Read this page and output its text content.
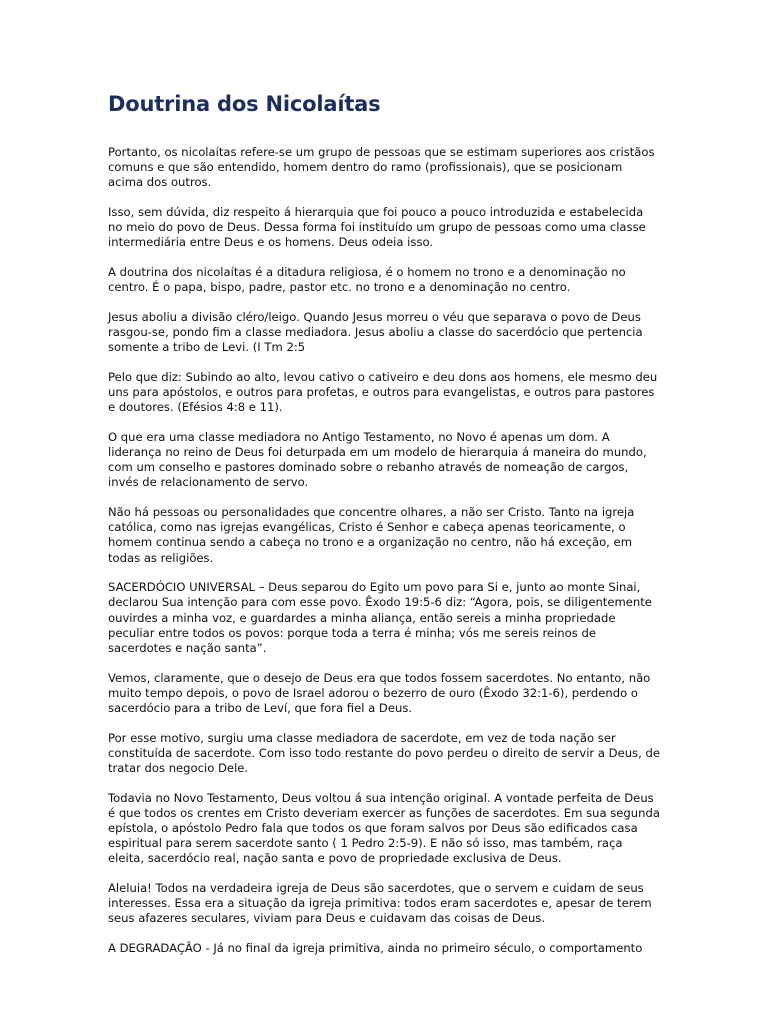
Doutrina dos Nicolaítas

Portanto, os nicolaítas refere-se um grupo de pessoas que se estimam superiores aos cristãos comuns e que são entendido, homem dentro do ramo (profissionais), que se posicionam acima dos outros.

Isso, sem dúvida, diz respeito á hierarquia que foi pouco a pouco introduzida e estabelecida no meio do povo de Deus. Dessa forma foi instituído um grupo de pessoas como uma classe intermediária entre Deus e os homens. Deus odeia isso.

A doutrina dos nicolaítas é a ditadura religiosa, é o homem no trono e a denominação no centro. É o papa, bispo, padre, pastor etc. no trono e a denominação no centro.

Jesus aboliu a divisão cléro/leigo. Quando Jesus morreu o véu que separava o povo de Deus rasgou-se, pondo fim a classe mediadora. Jesus aboliu a classe do sacerdócio que pertencia somente a tribo de Levi. (I Tm 2:5

Pelo que diz: Subindo ao alto, levou cativo o cativeiro e deu dons aos homens, ele mesmo deu uns para apóstolos, e outros para profetas, e outros para evangelistas, e outros para pastores e doutores. (Efésios 4:8 e 11).

O que era uma classe mediadora no Antigo Testamento, no Novo é apenas um dom. A liderança no reino de Deus foi deturpada em um modelo de hierarquia á maneira do mundo, com um conselho e pastores dominado sobre o rebanho através de nomeação de cargos, invés de relacionamento de servo.

Não há pessoas ou personalidades que concentre olhares, a não ser Cristo. Tanto na igreja católica, como nas igrejas evangélicas, Cristo é Senhor e cabeça apenas teoricamente, o homem continua sendo a cabeça no trono e a organização no centro, não há exceção, em todas as religiões.

SACERDÓCIO UNIVERSAL – Deus separou do Egito um povo para Si e, junto ao monte Sinai, declarou Sua intenção para com esse povo. Êxodo 19:5-6 diz: “Agora, pois, se diligentemente ouvirdes a minha voz, e guardardes a minha aliança, então sereis a minha propriedade peculiar entre todos os povos: porque toda a terra é minha; vós me sereis reinos de sacerdotes e nação santa”.

Vemos, claramente, que o desejo de Deus era que todos fossem sacerdotes. No entanto, não muito tempo depois, o povo de Israel adorou o bezerro de ouro (Êxodo 32:1-6), perdendo o sacerdócio para a tribo de Leví, que fora fiel a Deus.

Por esse motivo, surgiu uma classe mediadora de sacerdote, em vez de toda nação ser constituída de sacerdote. Com isso todo restante do povo perdeu o direito de servir a Deus, de tratar dos negocio Dele.

Todavia no Novo Testamento, Deus voltou á sua intenção original. A vontade perfeita de Deus é que todos os crentes em Cristo deveriam exercer as funções de sacerdotes. Em sua segunda epístola, o apóstolo Pedro fala que todos os que foram salvos por Deus são edificados casa espiritual para serem sacerdote santo ( 1 Pedro 2:5-9). E não só isso, mas também, raça eleita, sacerdócio real, nação santa e povo de propriedade exclusiva de Deus.

Aleluia! Todos na verdadeira igreja de Deus são sacerdotes, que o servem e cuidam de seus interesses. Essa era a situação da igreja primitiva: todos eram sacerdotes e, apesar de terem seus afazeres seculares, viviam para Deus e cuidavam das coisas de Deus.

A DEGRADAÇÃO - Já no final da igreja primitiva, ainda no primeiro século, o comportamento
